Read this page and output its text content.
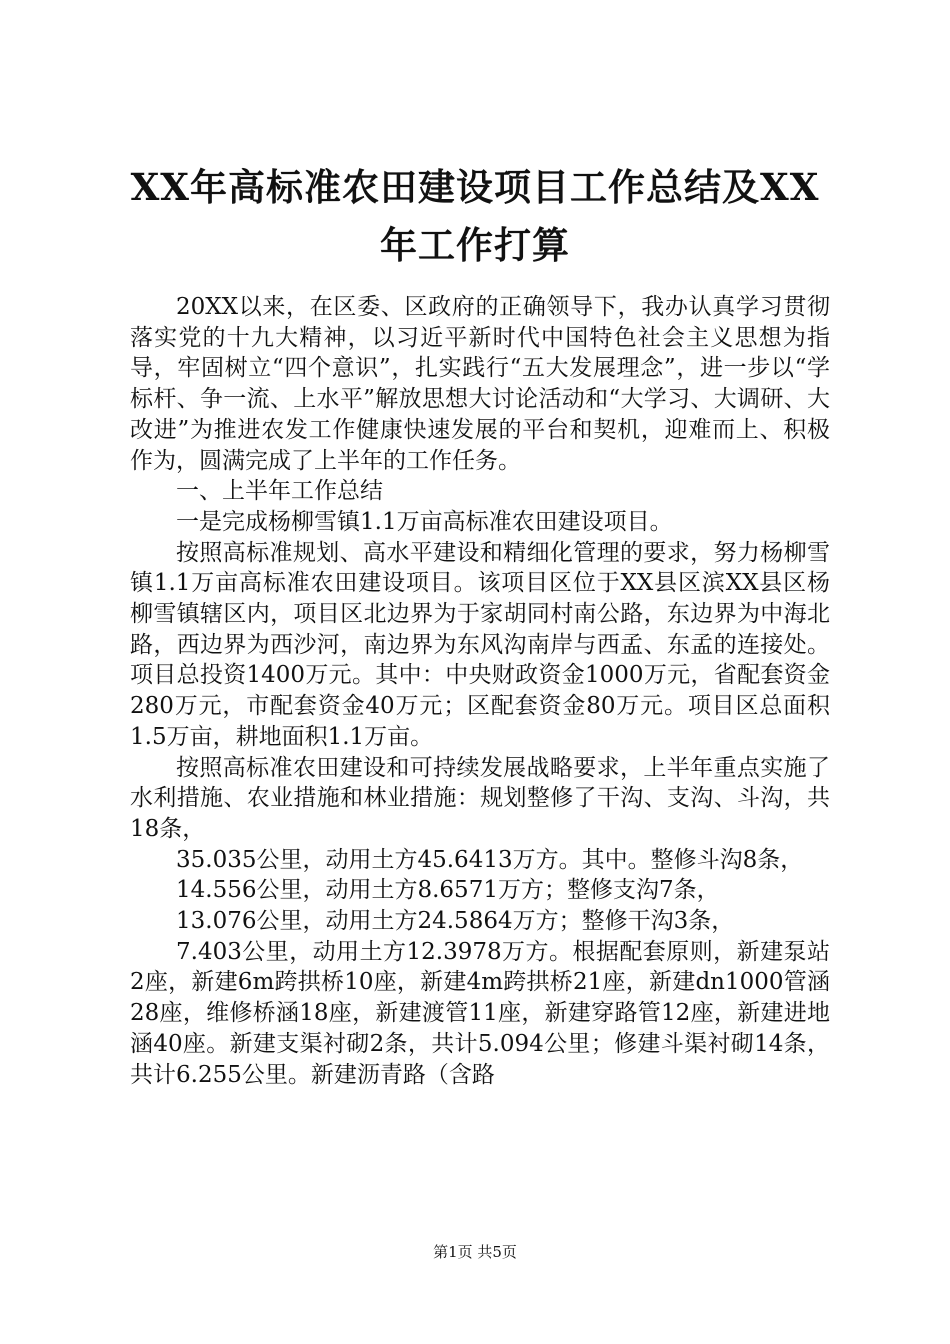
XX年高标准农田建设项目工作总结及XX年工作打算

20XX以来，在区委、区政府的正确领导下，我办认真学习贯彻落实党的十九大精神，以习近平新时代中国特色社会主义思想为指导，牢固树立“四个意识”，扎实践行“五大发展理念”，进一步以“学标杆、争一流、上水平”解放思想大讨论活动和“大学习、大调研、大改进”为推进农发工作健康快速发展的平台和契机，迎难而上、积极作为，圆满完成了上半年的工作任务。

一、上半年工作总结

一是完成杨柳雪镇1.1万亩高标准农田建设项目。

按照高标准规划、高水平建设和精细化管理的要求，努力杨柳雪镇1.1万亩高标准农田建设项目。该项目区位于XX县区滨XX县区杨柳雪镇辖区内，项目区北边界为于家胡同村南公路，东边界为中海北路，西边界为西沙河，南边界为东风沟南岸与西孟、东孟的连接处。项目总投资1400万元。其中：中央财政资金1000万元，省配套资金280万元，市配套资金40万元；区配套资金80万元。项目区总面积1.5万亩，耕地面积1.1万亩。

按照高标准农田建设和可持续发展战略要求，上半年重点实施了水利措施、农业措施和林业措施：规划整修了干沟、支沟、斗沟，共18条，

35.035公里，动用土方45.6413万方。其中。整修斗沟8条，

14.556公里，动用土方8.6571万方；整修支沟7条，

13.076公里，动用土方24.5864万方；整修干沟3条，

7.403公里，动用土方12.3978万方。根据配套原则，新建泵站2座，新建6m跨拱桥10座，新建4m跨拱桥21座，新建dn1000管涵28座，维修桥涵18座，新建渡管11座，新建穿路管12座，新建进地涵40座。新建支渠衬砌2条，共计5.094公里；修建斗渠衬砌14条，共计6.255公里。新建沥青路（含路

第1页 共5页
